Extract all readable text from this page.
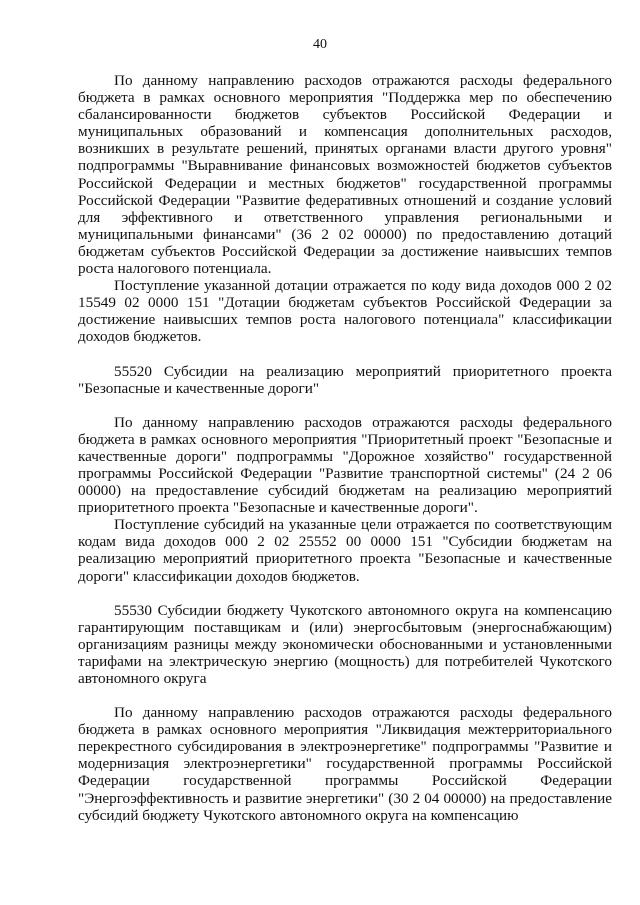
40

По данному направлению расходов отражаются расходы федерального бюджета в рамках основного мероприятия "Поддержка мер по обеспечению сбалансированности бюджетов субъектов Российской Федерации и муниципальных образований и компенсация дополнительных расходов, возникших в результате решений, принятых органами власти другого уровня" подпрограммы "Выравнивание финансовых возможностей бюджетов субъектов Российской Федерации и местных бюджетов" государственной программы Российской Федерации "Развитие федеративных отношений и создание условий для эффективного и ответственного управления региональными и муниципальными финансами" (36 2 02 00000) по предоставлению дотаций бюджетам субъектов Российской Федерации за достижение наивысших темпов роста налогового потенциала.

Поступление указанной дотации отражается по коду вида доходов 000 2 02 15549 02 0000 151 "Дотации бюджетам субъектов Российской Федерации за достижение наивысших темпов роста налогового потенциала" классификации доходов бюджетов.

55520 Субсидии на реализацию мероприятий приоритетного проекта "Безопасные и качественные дороги"

По данному направлению расходов отражаются расходы федерального бюджета в рамках основного мероприятия "Приоритетный проект "Безопасные и качественные дороги" подпрограммы "Дорожное хозяйство" государственной программы Российской Федерации "Развитие транспортной системы" (24 2 06 00000) на предоставление субсидий бюджетам на реализацию мероприятий приоритетного проекта "Безопасные и качественные дороги".

Поступление субсидий на указанные цели отражается по соответствующим кодам вида доходов 000 2 02 25552 00 0000 151 "Субсидии бюджетам на реализацию мероприятий приоритетного проекта "Безопасные и качественные дороги" классификации доходов бюджетов.

55530 Субсидии бюджету Чукотского автономного округа на компенсацию гарантирующим поставщикам и (или) энергосбытовым (энергоснабжающим) организациям разницы между экономически обоснованными и установленными тарифами на электрическую энергию (мощность) для потребителей Чукотского автономного округа

По данному направлению расходов отражаются расходы федерального бюджета в рамках основного мероприятия "Ликвидация межтерриториального перекрестного субсидирования в электроэнергетике" подпрограммы "Развитие и модернизация электроэнергетики" государственной программы Российской Федерации государственной программы Российской Федерации "Энергоэффективность и развитие энергетики" (30 2 04 00000) на предоставление субсидий бюджету Чукотского автономного округа на компенсацию
